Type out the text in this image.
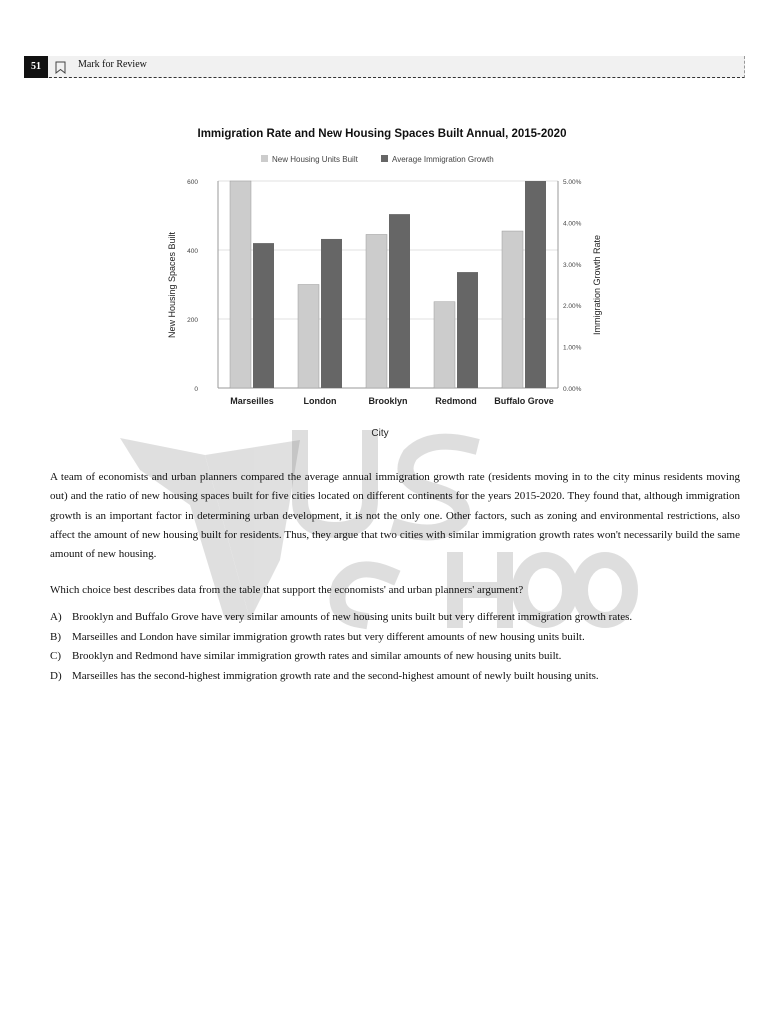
51	Mark for Review
Immigration Rate and New Housing Spaces Built Annual, 2015-2020
New Housing Units Built	Average Immigration Growth
0
200
400
600
0.00%
1.00%
2.00%
3.00%
4.00%
5.00%
Marseilles	London	Brooklyn	Redmond Buffalo Grove
City
New Housing Spaces Built	Immigration Growth Rate

A team of economists and urban planners compared the average annual immigration growth rate (residents moving in to the city minus residents moving out) and the ratio of new housing spaces built for five cities located on different continents for the years 2015-2020. They found that, although immigration growth is an important factor in determining urban development, it is not the only one. Other factors, such as zoning and environmental restrictions, also affect the amount of new housing built for residents. Thus, they argue that two cities with similar immigration growth rates won't necessarily build the same amount of new housing.

Which choice best describes data from the table that support the economists' and urban planners' argument?

A) Brooklyn and Buffalo Grove have very similar amounts of new housing units built but very different immigration growth rates.
B) Marseilles and London have similar immigration growth rates but very different amounts of new housing units built.
C) Brooklyn and Redmond have similar immigration growth rates and similar amounts of new housing units built.
D) Marseilles has the second-highest immigration growth rate and the second-highest amount of newly built housing units.
